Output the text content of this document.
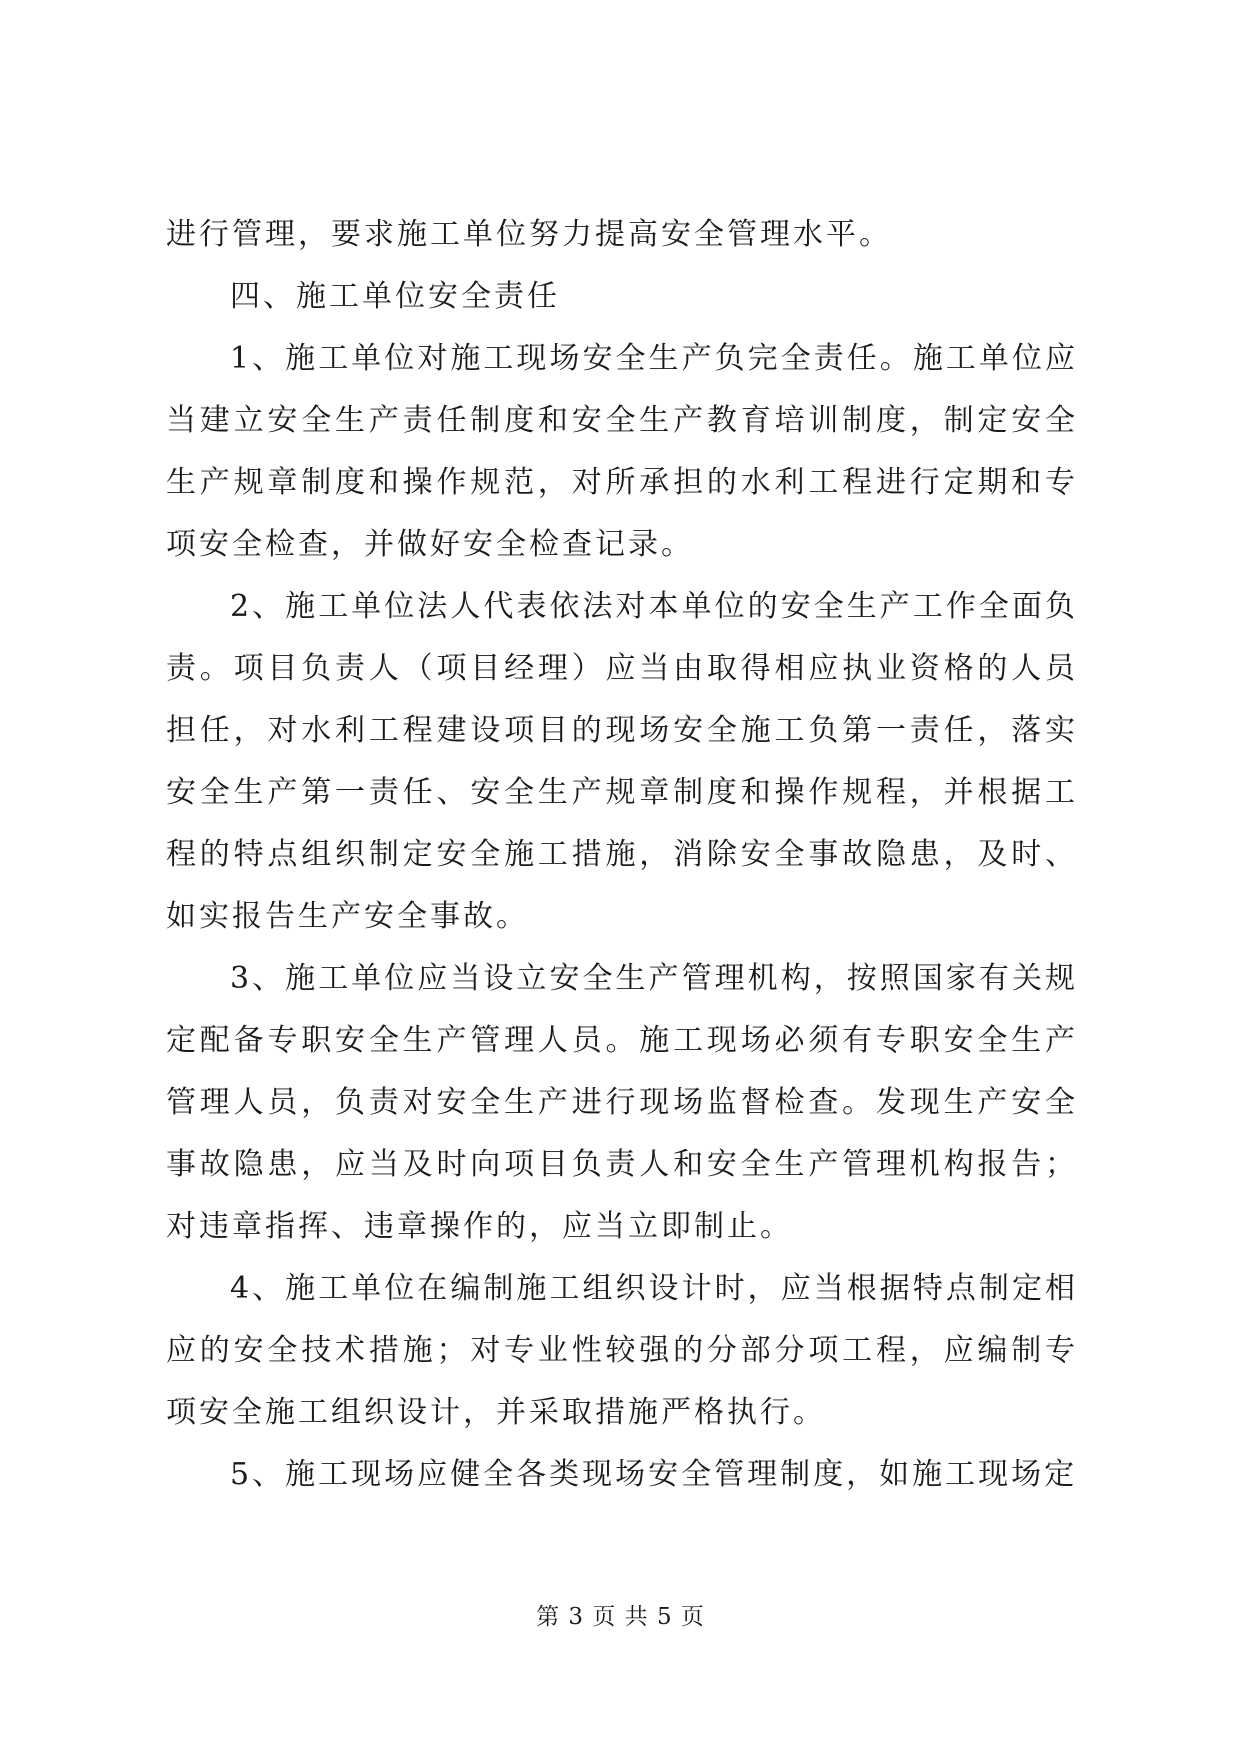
进行管理，要求施工单位努力提高安全管理水平。

四、施工单位安全责任

1、施工单位对施工现场安全生产负完全责任。施工单位应当建立安全生产责任制度和安全生产教育培训制度，制定安全生产规章制度和操作规范，对所承担的水利工程进行定期和专项安全检查，并做好安全检查记录。

2、施工单位法人代表依法对本单位的安全生产工作全面负责。项目负责人（项目经理）应当由取得相应执业资格的人员担任，对水利工程建设项目的现场安全施工负第一责任，落实安全生产第一责任、安全生产规章制度和操作规程，并根据工程的特点组织制定安全施工措施，消除安全事故隐患，及时、如实报告生产安全事故。

3、施工单位应当设立安全生产管理机构，按照国家有关规定配备专职安全生产管理人员。施工现场必须有专职安全生产管理人员，负责对安全生产进行现场监督检查。发现生产安全事故隐患，应当及时向项目负责人和安全生产管理机构报告；对违章指挥、违章操作的，应当立即制止。

4、施工单位在编制施工组织设计时，应当根据特点制定相应的安全技术措施；对专业性较强的分部分项工程，应编制专项安全施工组织设计，并采取措施严格执行。

5、施工现场应健全各类现场安全管理制度，如施工现场定

第 3 页 共 5 页
